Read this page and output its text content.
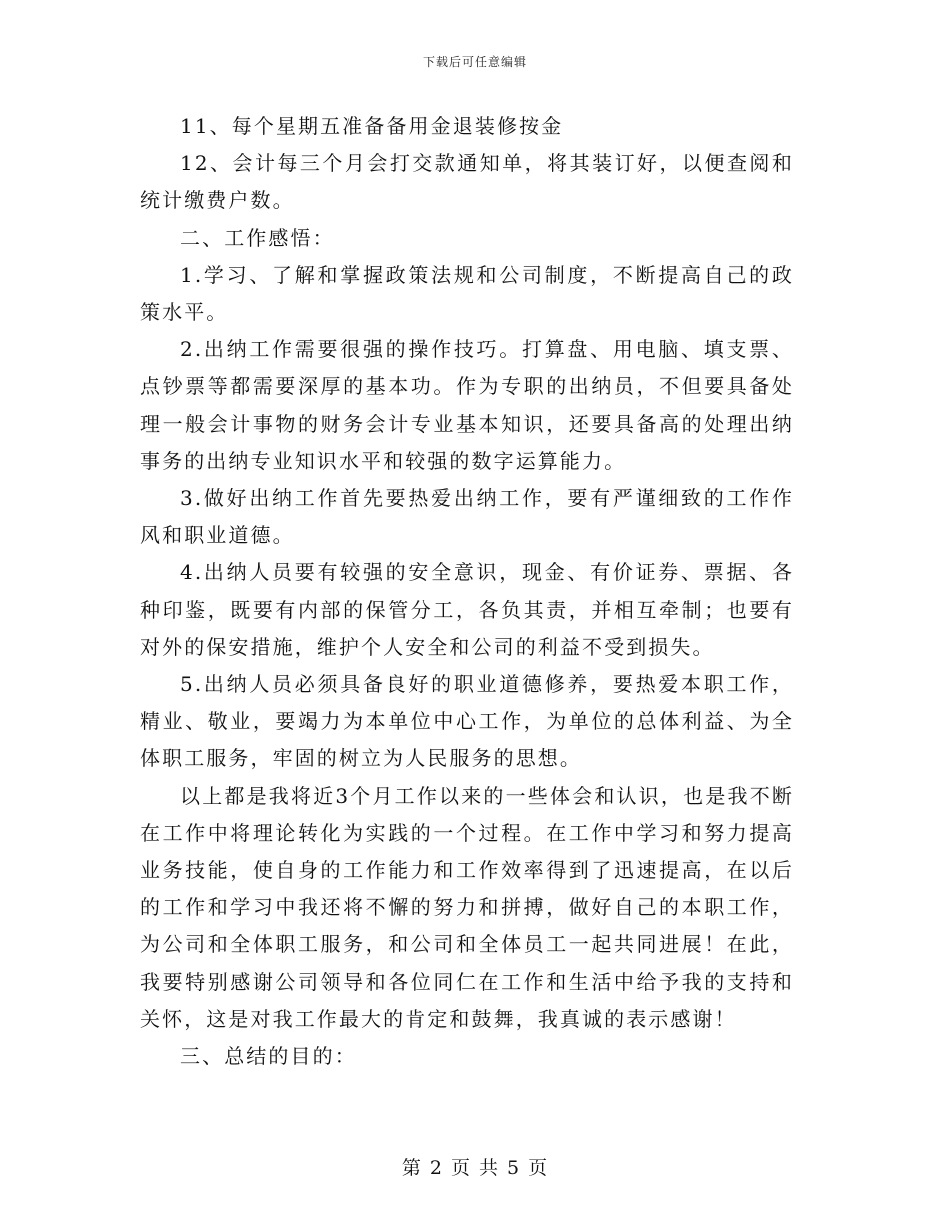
下载后可任意编辑

11、每个星期五准备备用金退装修按金

12、会计每三个月会打交款通知单，将其装订好，以便查阅和统计缴费户数。

二、工作感悟：

1.学习、了解和掌握政策法规和公司制度，不断提高自己的政策水平。

2.出纳工作需要很强的操作技巧。打算盘、用电脑、填支票、点钞票等都需要深厚的基本功。作为专职的出纳员，不但要具备处理一般会计事物的财务会计专业基本知识，还要具备高的处理出纳事务的出纳专业知识水平和较强的数字运算能力。

3.做好出纳工作首先要热爱出纳工作，要有严谨细致的工作作风和职业道德。

4.出纳人员要有较强的安全意识，现金、有价证券、票据、各种印鉴，既要有内部的保管分工，各负其责，并相互牵制；也要有对外的保安措施，维护个人安全和公司的利益不受到损失。

5.出纳人员必须具备良好的职业道德修养，要热爱本职工作，精业、敬业，要竭力为本单位中心工作，为单位的总体利益、为全体职工服务，牢固的树立为人民服务的思想。

以上都是我将近3个月工作以来的一些体会和认识，也是我不断在工作中将理论转化为实践的一个过程。在工作中学习和努力提高业务技能，使自身的工作能力和工作效率得到了迅速提高，在以后的工作和学习中我还将不懈的努力和拼搏，做好自己的本职工作，为公司和全体职工服务，和公司和全体员工一起共同进展！在此，我要特别感谢公司领导和各位同仁在工作和生活中给予我的支持和关怀，这是对我工作最大的肯定和鼓舞，我真诚的表示感谢！

三、总结的目的：

第 2 页 共 5 页
